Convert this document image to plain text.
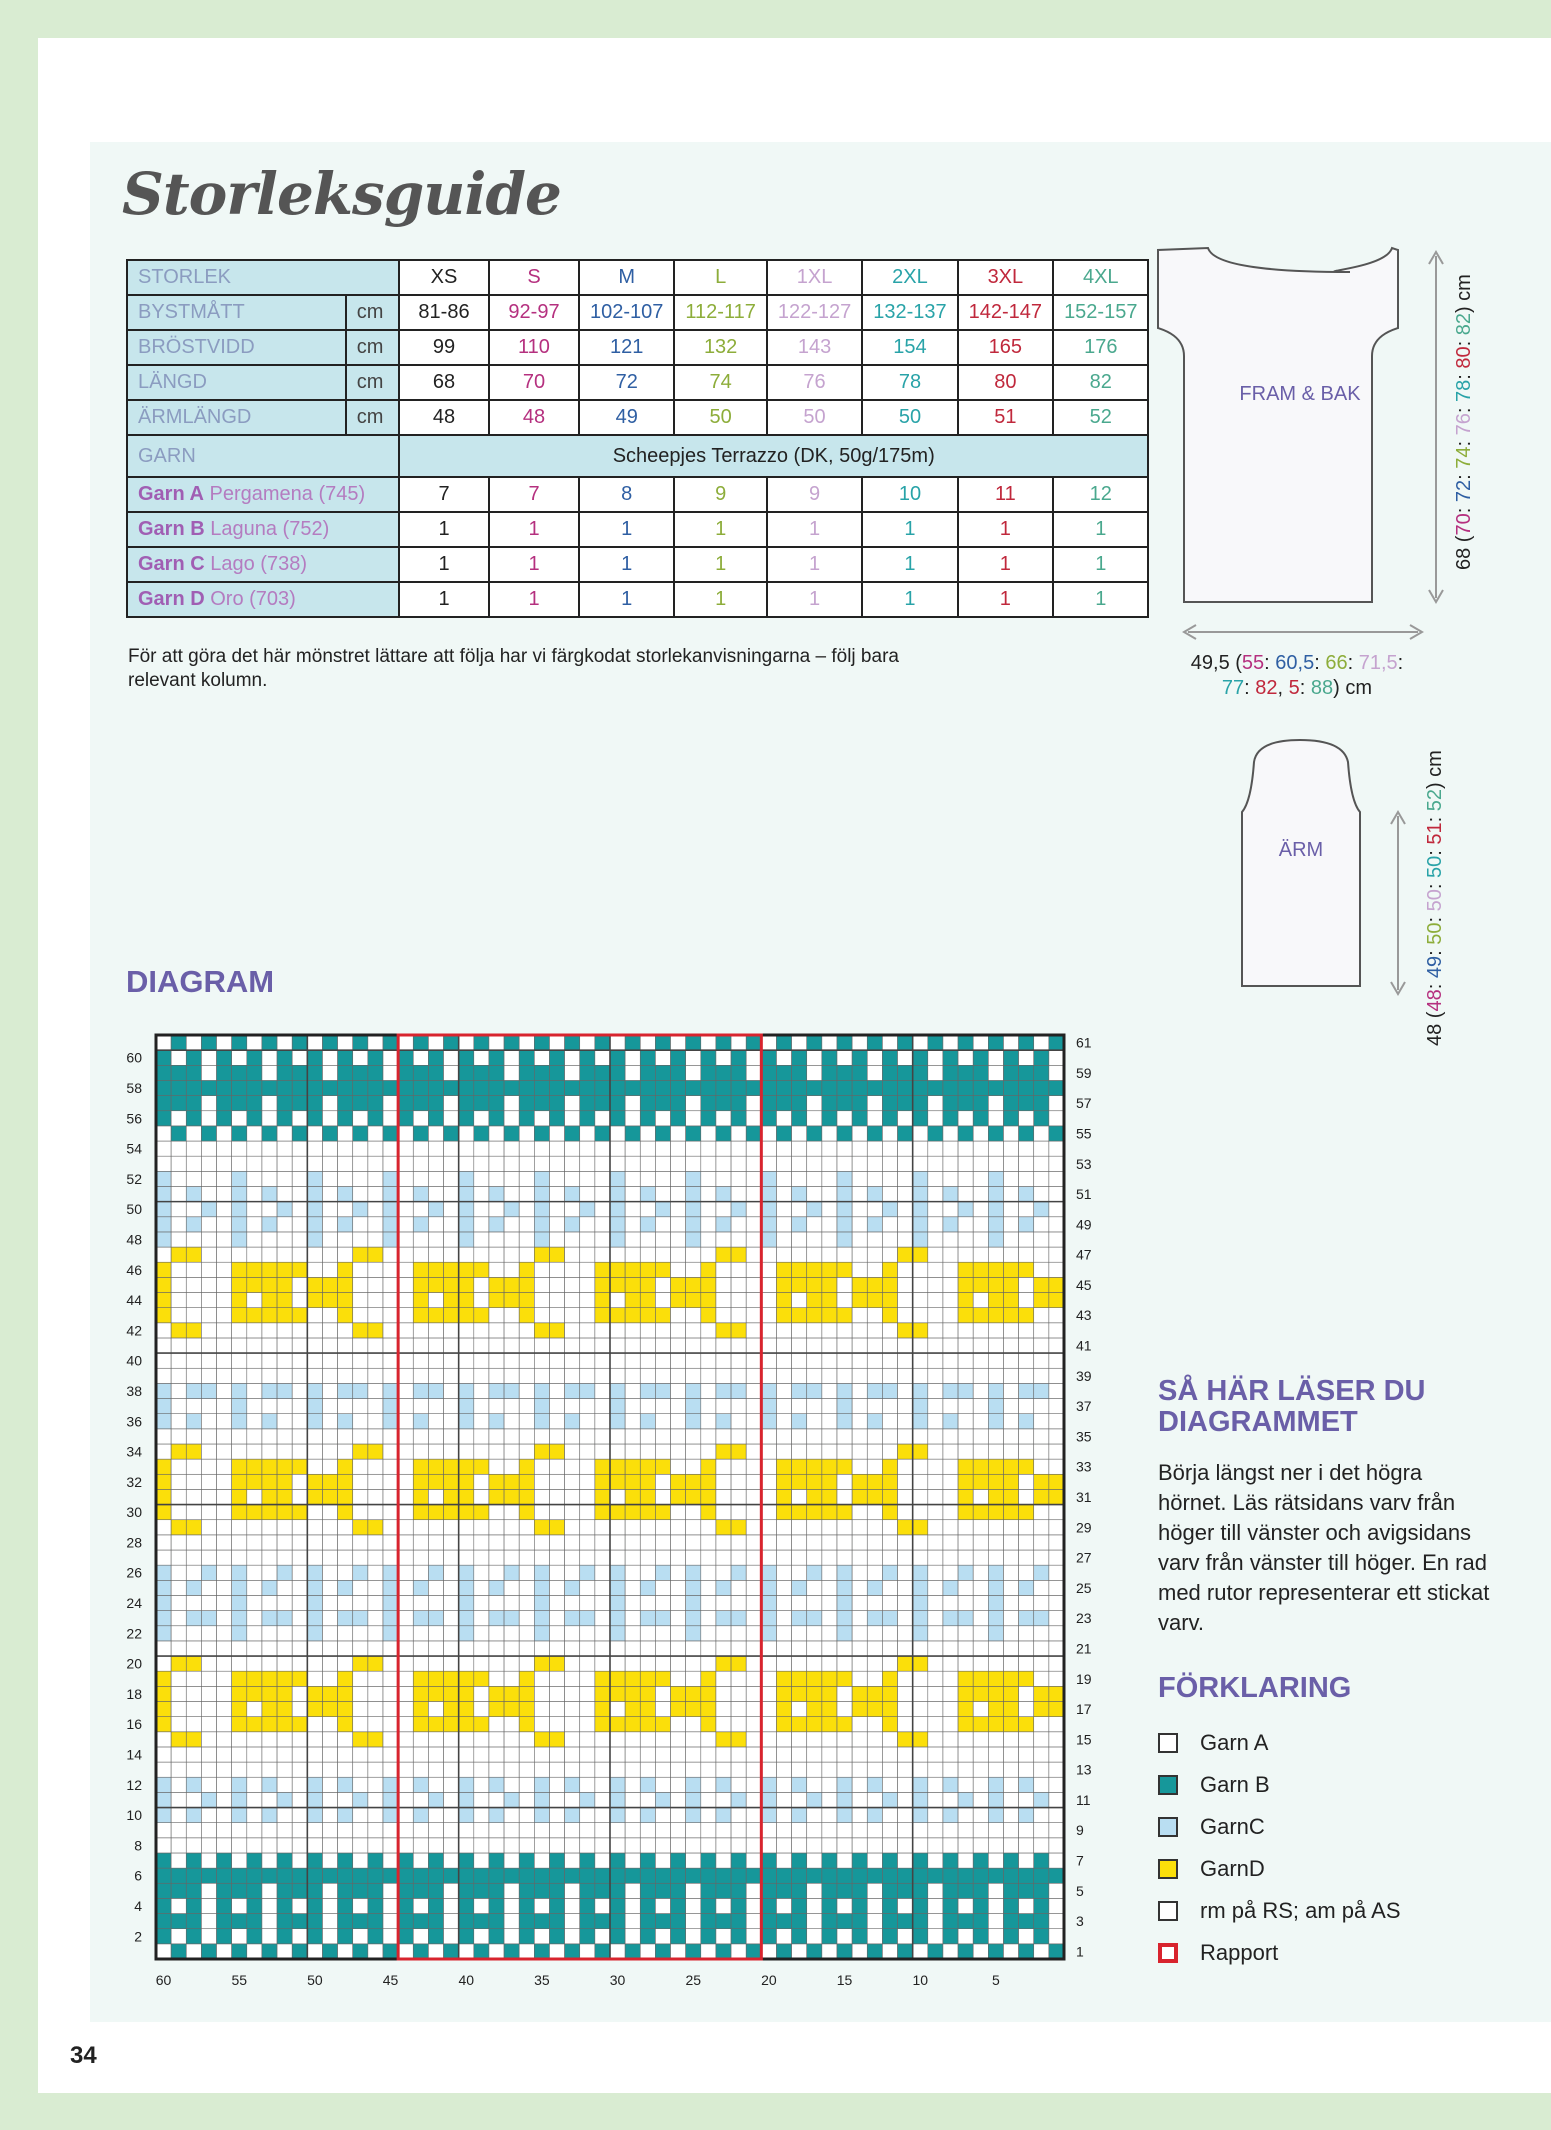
Storleksguide
STORLEK		XS	S	M	L	1XL	2XL	3XL	4XL
BYSTMÅTT	cm	81-86	92-97	102-107	112-117	122-127	132-137	142-147	152-157
BRÖSTVIDD	cm	99	110	121	132	143	154	165	176
LÄNGD	cm	68	70	72	74	76	78	80	82
ÄRMLÄNGD	cm	48	48	49	50	50	50	51	52
GARN		Scheepjes Terrazzo (DK, 50g/175m)							
Garn A Pergamena (745)		7	7	8	9	9	10	11	12
Garn B Laguna (752)		1	1	1	1	1	1	1	1
Garn C Lago (738)		1	1	1	1	1	1	1	1
Garn D Oro (703)		1	1	1	1	1	1	1	1
För att göra det här mönstret lättare att följa har vi färgkodat storlekanvisningarna – följ bara relevant kolumn.
FRAM & BAK
68 (70: 72: 74: 76: 78: 80: 82) cm
49,5 (55: 60,5: 66: 71,5:
77: 82, 5: 88) cm
ÄRM
48 (48: 49: 50: 50: 50: 51: 52) cm
DIAGRAM
2
4
6
8
10
12
14
16
18
20
22
24
26
28
30
32
34
36
38
40
42
44
46
48
50
52
54
56
58
60
1
3
5
7
9
11
13
15
17
19
21
23
25
27
29
31
33
35
37
39
41
43
45
47
49
51
53
55
57
59
61
60	55	50	45	40	35	30	25	20	15	10	5
SÅ HÄR LÄSER DU DIAGRAMMET
Börja längst ner i det högra hörnet. Läs rätsidans varv från höger till vänster och avigsidans varv från vänster till höger. En rad med rutor representerar ett stickat varv.
FÖRKLARING
Garn A
Garn B
GarnC
GarnD
rm på RS; am på AS
Rapport
34
